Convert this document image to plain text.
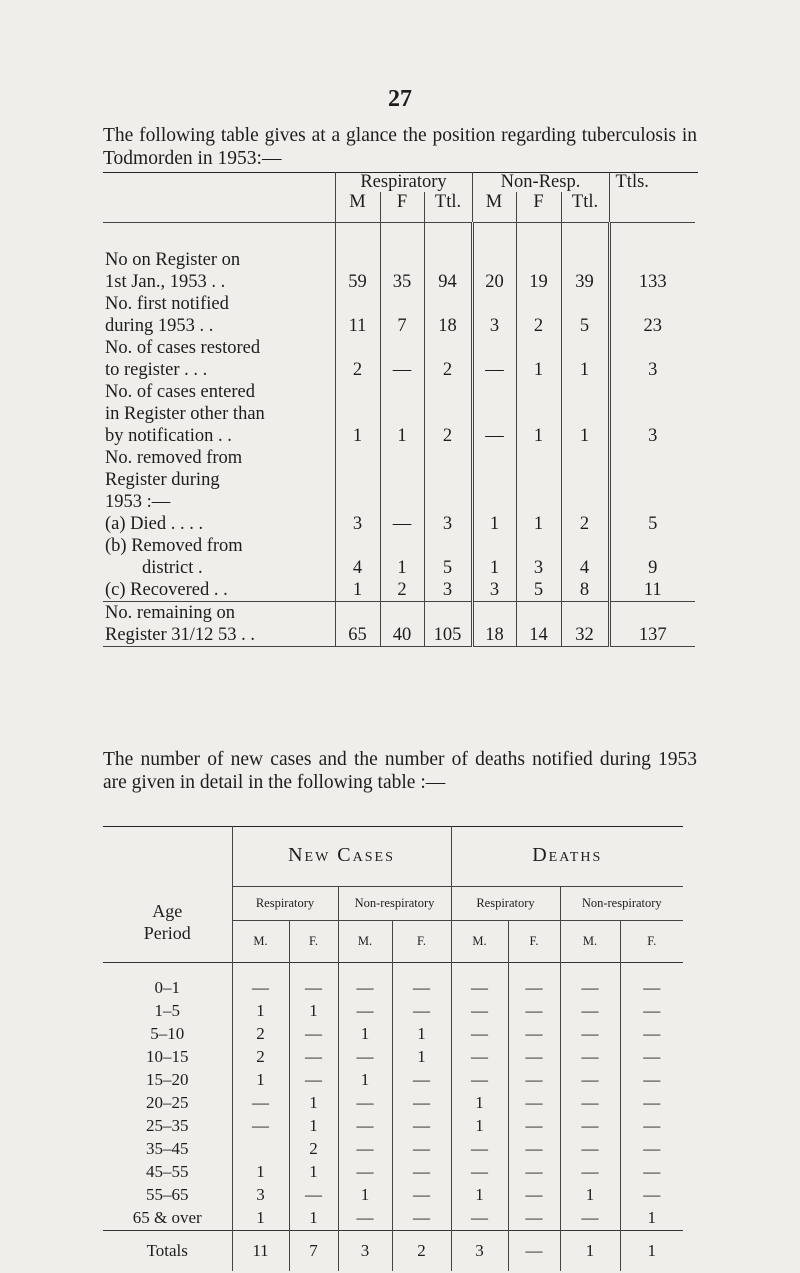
27
The following table gives at a glance the position regarding tuberculosis in Todmorden in 1953:—
	Respiratory			Non-Resp.			Ttls.
	M	F	Ttl.	M	F	Ttl.	

No on Register on
1st Jan., 1953 . .	59	35	94	20	19	39	133

No. first notified
during 1953 . .	11	7	18	3	2	5	23

No. of cases restored
to register . . .	2	—	2	—	1	1	3

No. of cases entered
in Register other than
by notification . .	1	1	2	—	1	1	3

No. removed from
Register during
1953 :—
(a) Died . . . .	3	—	3	1	1	2	5

(b) Removed from
district .	4	1	5	1	3	4	9

(c) Recovered . .	1	2	3	3	5	8	11

No. remaining on
Register 31/12 53 . .	65	40	105	18	14	32	137
The number of new cases and the number of deaths notified during 1953 are given in detail in the following table :—
Age
Period	New Cases				Deaths			
	Respiratory		Non-respiratory		Respiratory		Non-respiratory	
	M.	F.	M.	F.	M.	F.	M.	F.
0–1	—	—	—	—	—	—	—	—
1–5	1	1	—	—	—	—	—	—
5–10	2	—	1	1	—	—	—	—
10–15	2	—	—	1	—	—	—	—
15–20	1	—	1	—	—	—	—	—
20–25	—	1	—	—	1	—	—	—
25–35	—	1	—	—	1	—	—	—
35–45		2	—	—	—	—	—	—
45–55	1	1	—	—	—	—	—	—
55–65	3	—	1	—	1	—	1	—
65 & over	1	1	—	—	—	—	—	1
Totals	11	7	3	2	3	—	1	1
